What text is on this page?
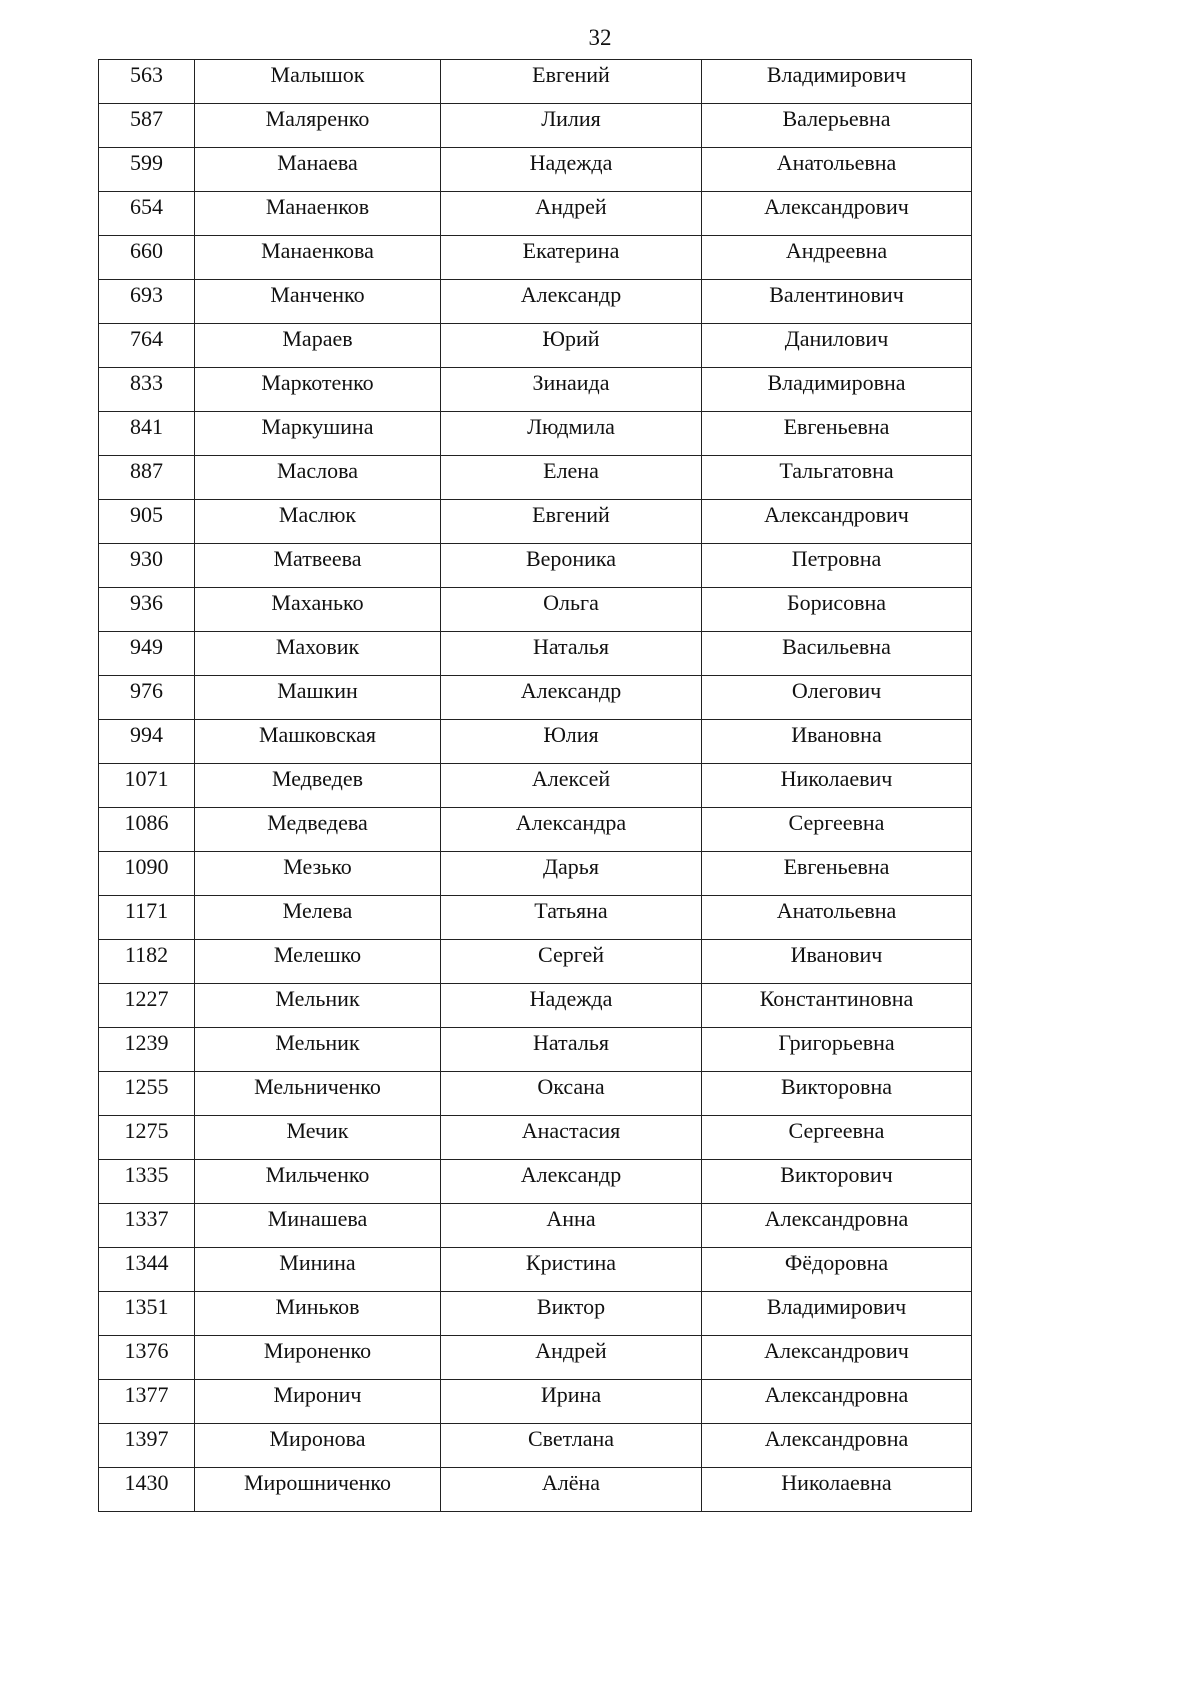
32
563	Малышок	Евгений	Владимирович
587	Маляренко	Лилия	Валерьевна
599	Манаева	Надежда	Анатольевна
654	Манаенков	Андрей	Александрович
660	Манаенкова	Екатерина	Андреевна
693	Манченко	Александр	Валентинович
764	Мараев	Юрий	Данилович
833	Маркотенко	Зинаида	Владимировна
841	Маркушина	Людмила	Евгеньевна
887	Маслова	Елена	Тальгатовна
905	Маслюк	Евгений	Александрович
930	Матвеева	Вероника	Петровна
936	Маханько	Ольга	Борисовна
949	Маховик	Наталья	Васильевна
976	Машкин	Александр	Олегович
994	Машковская	Юлия	Ивановна
1071	Медведев	Алексей	Николаевич
1086	Медведева	Александра	Сергеевна
1090	Мезько	Дарья	Евгеньевна
1171	Мелева	Татьяна	Анатольевна
1182	Мелешко	Сергей	Иванович
1227	Мельник	Надежда	Константиновна
1239	Мельник	Наталья	Григорьевна
1255	Мельниченко	Оксана	Викторовна
1275	Мечик	Анастасия	Сергеевна
1335	Мильченко	Александр	Викторович
1337	Минашева	Анна	Александровна
1344	Минина	Кристина	Фёдоровна
1351	Миньков	Виктор	Владимирович
1376	Мироненко	Андрей	Александрович
1377	Миронич	Ирина	Александровна
1397	Миронова	Светлана	Александровна
1430	Мирошниченко	Алёна	Николаевна
